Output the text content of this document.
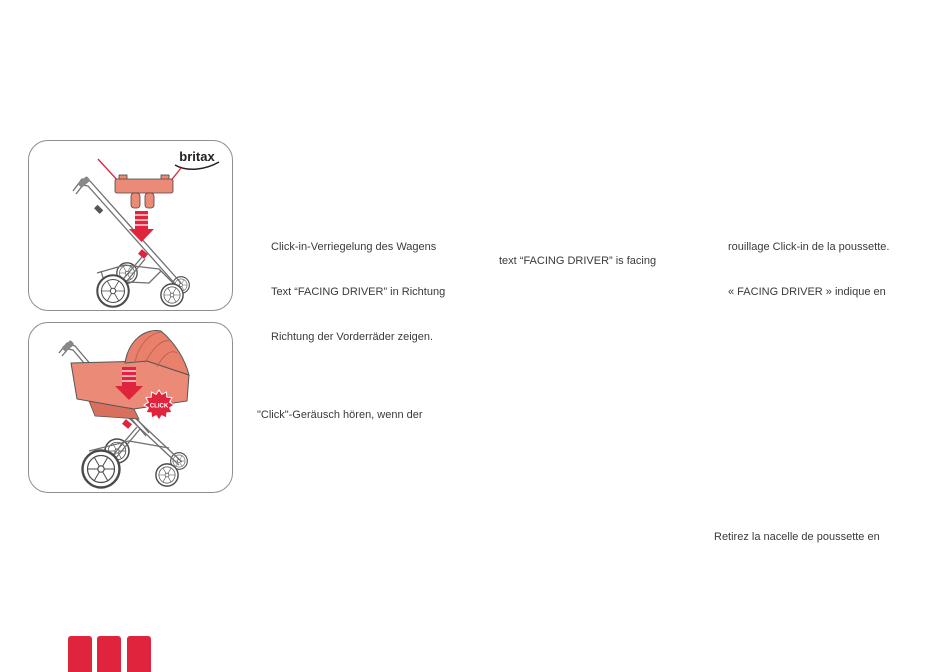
britax
CLICK
Click-in-Verriegelung des Wagens
text “FACING DRIVER” is facing
rouillage Click-in de la poussette.
Text “FACING DRIVER” in Richtung	« FACING DRIVER » indique en
Richtung der Vorderräder zeigen.
"Click"-Geräusch hören, wenn der
Retirez la nacelle de poussette en
